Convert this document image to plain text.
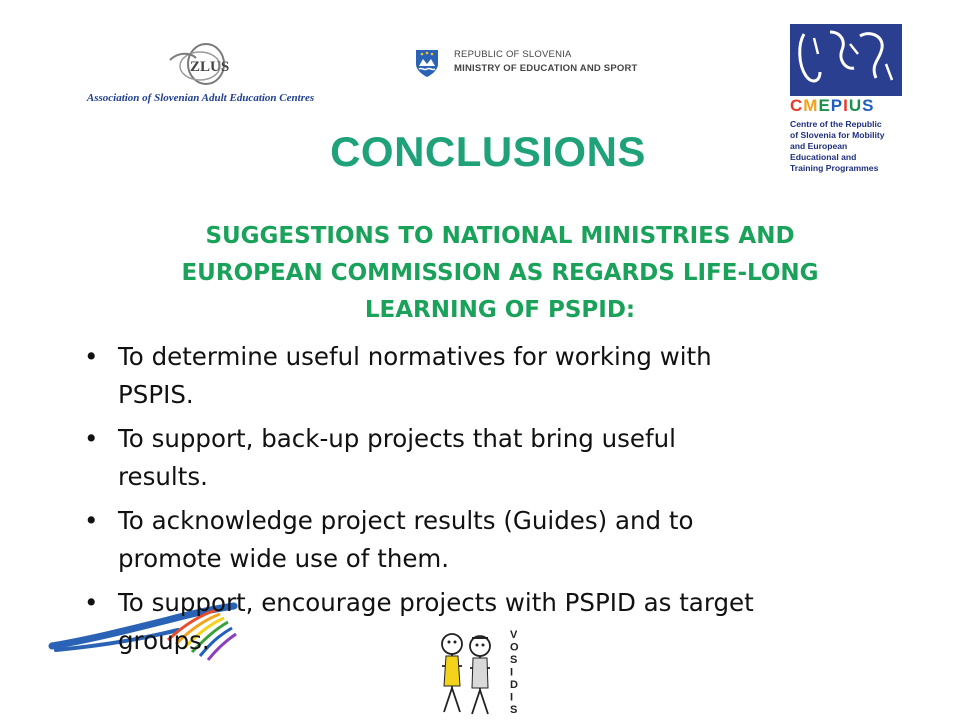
ZLUS
Association of Slovenian Adult Education Centres
REPUBLIC OF SLOVENIA
MINISTRY OF EDUCATION AND SPORT
CMEPIUS
Centre of the Republic
of Slovenia for Mobility
and European
Educational and
Training Programmes
CONCLUSIONS
SUGGESTIONS TO NATIONAL MINISTRIES AND
EUROPEAN COMMISSION AS REGARDS LIFE-LONG
LEARNING OF PSPID:
• To determine useful normatives for working with
PSPIS.
• To support, back-up projects that bring useful
results.
• To acknowledge project results (Guides) and to
promote wide use of them.
• To support, encourage projects with PSPID as target
groups.	V O S I D I S
